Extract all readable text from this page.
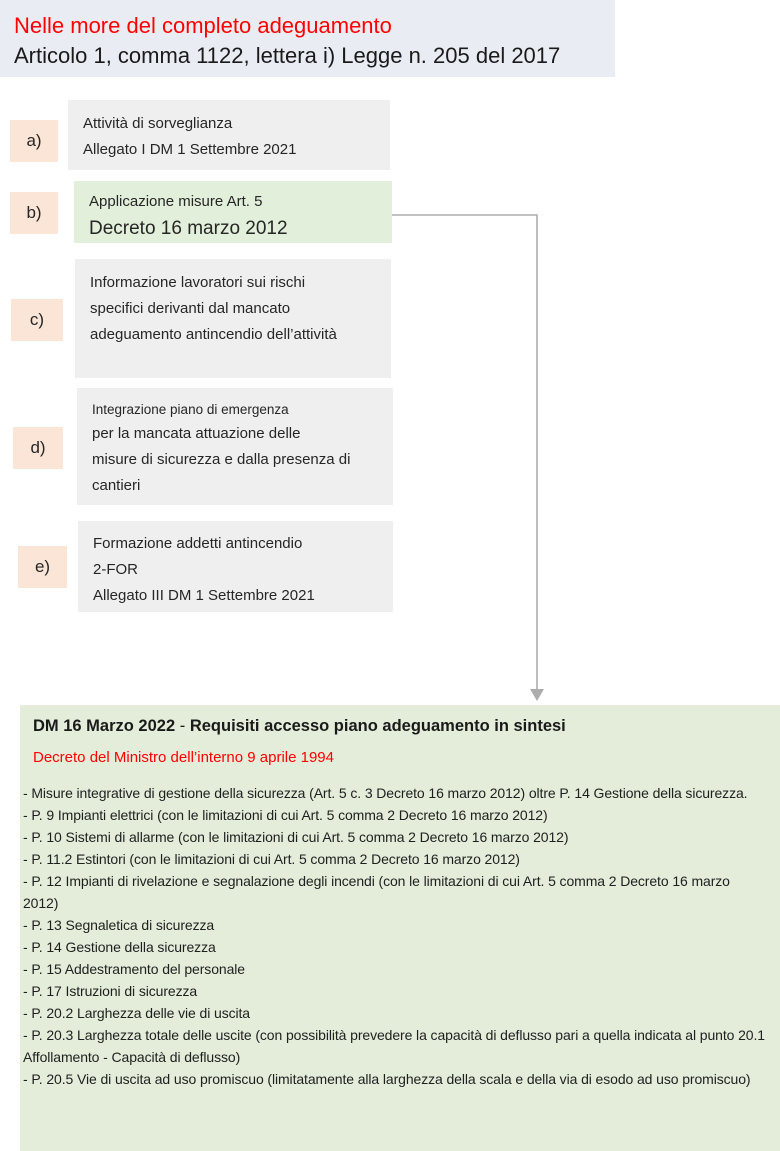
Nelle more del completo adeguamento
Articolo 1, comma 1122, lettera i) Legge n. 205 del 2017
a)
Attività di sorveglianza
Allegato I DM 1 Settembre 2021
b)
Applicazione misure Art. 5
Decreto 16 marzo 2012
c)
Informazione lavoratori sui rischi
specifici derivanti dal mancato
adeguamento antincendio dell’attività
d)
Integrazione piano di emergenza
per la mancata attuazione delle
misure di sicurezza e dalla presenza di
cantieri
e)
Formazione addetti antincendio
2-FOR
Allegato III DM 1 Settembre 2021
DM 16 Marzo 2022 - Requisiti accesso piano adeguamento in sintesi
Decreto del Ministro dell’interno 9 aprile 1994
- Misure integrative di gestione della sicurezza (Art. 5 c. 3 Decreto 16 marzo 2012) oltre P. 14 Gestione della sicurezza.
- P. 9 Impianti elettrici (con le limitazioni di cui Art. 5 comma 2 Decreto 16 marzo 2012)
- P. 10 Sistemi di allarme (con le limitazioni di cui Art. 5 comma 2 Decreto 16 marzo 2012)
- P. 11.2 Estintori (con le limitazioni di cui Art. 5 comma 2 Decreto 16 marzo 2012)
- P. 12 Impianti di rivelazione e segnalazione degli incendi (con le limitazioni di cui Art. 5 comma 2 Decreto 16 marzo 2012)
- P. 13 Segnaletica di sicurezza
- P. 14 Gestione della sicurezza
- P. 15 Addestramento del personale
- P. 17 Istruzioni di sicurezza
- P. 20.2 Larghezza delle vie di uscita
- P. 20.3 Larghezza totale delle uscite (con possibilità prevedere la capacità di deflusso pari a quella indicata al punto 20.1 Affollamento - Capacità di deflusso)
- P. 20.5 Vie di uscita ad uso promiscuo (limitatamente alla larghezza della scala e della via di esodo ad uso promiscuo)
